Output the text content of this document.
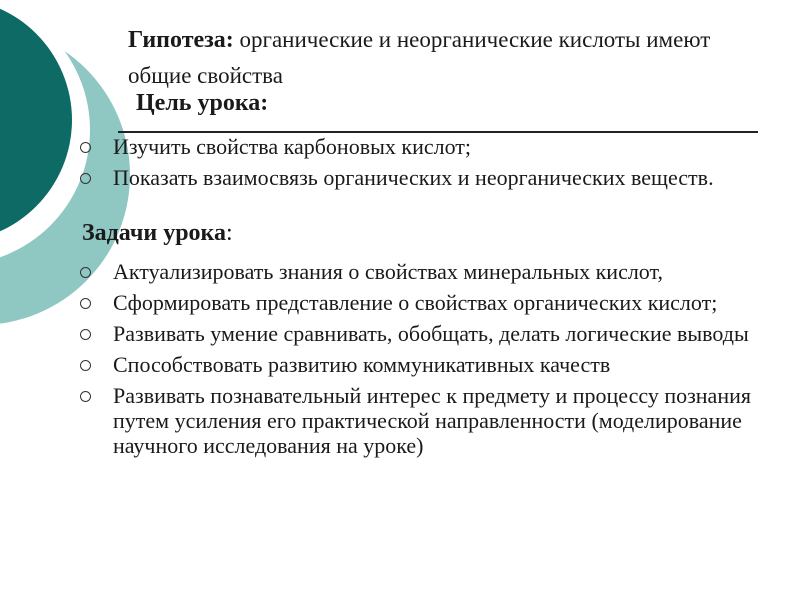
Гипотеза: органические и неорганические кислоты имеют общие свойства
Цель урока:
Изучить свойства карбоновых кислот;
Показать взаимосвязь органических и неорганических веществ.
Задачи урока:
Актуализировать знания о свойствах минеральных кислот,
Сформировать представление о свойствах органических кислот;
Развивать умение сравнивать, обобщать, делать логические выводы
Способствовать развитию коммуникативных качеств
Развивать познавательный интерес к предмету и процессу познания путем усиления его практической направленности (моделирование научного исследования на уроке)
